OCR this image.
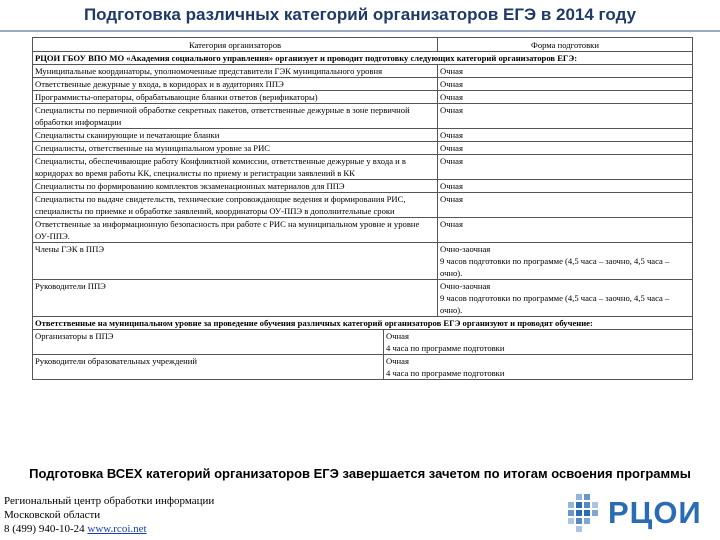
Подготовка различных категорий организаторов ЕГЭ в 2014 году
Категория организаторов	Форма подготовки
РЦОИ ГБОУ ВПО МО «Академия социального управления» организует и проводит подготовку следующих категорий организаторов ЕГЭ:	
Муниципальные координаторы, уполномоченные представители ГЭК муниципального уровня	Очная
Ответственные дежурные у входа, в коридорах и в аудиториях ППЭ	Очная
Программисты-операторы, обрабатывающие бланки ответов (верификаторы)	Очная
Специалисты по первичной обработке секретных пакетов, ответственные дежурные в зоне первичной обработки информации	Очная
Специалисты сканирующие и печатающие бланки	Очная
Специалисты, ответственные на муниципальном уровне за РИС	Очная
Специалисты, обеспечивающие работу Конфликтной комиссии, ответственные дежурные у входа и в коридорах во время работы КК, специалисты по приему и регистрации заявлений в КК	Очная
Специалисты по формированию комплектов экзаменационных материалов для ППЭ	Очная
Специалисты по выдаче свидетельств, технические сопровождающие ведения и формирования РИС, специалисты по приемке и обработке заявлений, координаторы ОУ-ППЭ в дополнительные сроки	Очная
Ответственные за информационную безопасность при работе с РИС на муниципальном уровне и уровне ОУ-ППЭ.	Очная
Члены ГЭК в ППЭ	Очно-заочная
9 часов подготовки по программе (4,5 часа – заочно, 4,5 часа – очно).
Руководители ППЭ	Очно-заочная
9 часов подготовки по программе (4,5 часа – заочно, 4,5 часа – очно).
Ответственные на муниципальном уровне за проведение обучения различных категорий организаторов ЕГЭ организуют и проводят обучение:	
Организаторы в ППЭ	Очная
4 часа по программе подготовки

Руководители образовательных учреждений	Очная
4 часа по программе подготовки
Подготовка ВСЕХ категорий организаторов ЕГЭ завершается зачетом по итогам освоения программы
Региональный центр обработки информации
Московской области
8 (499) 940-10-24 www.rcoi.net	РЦОИ
